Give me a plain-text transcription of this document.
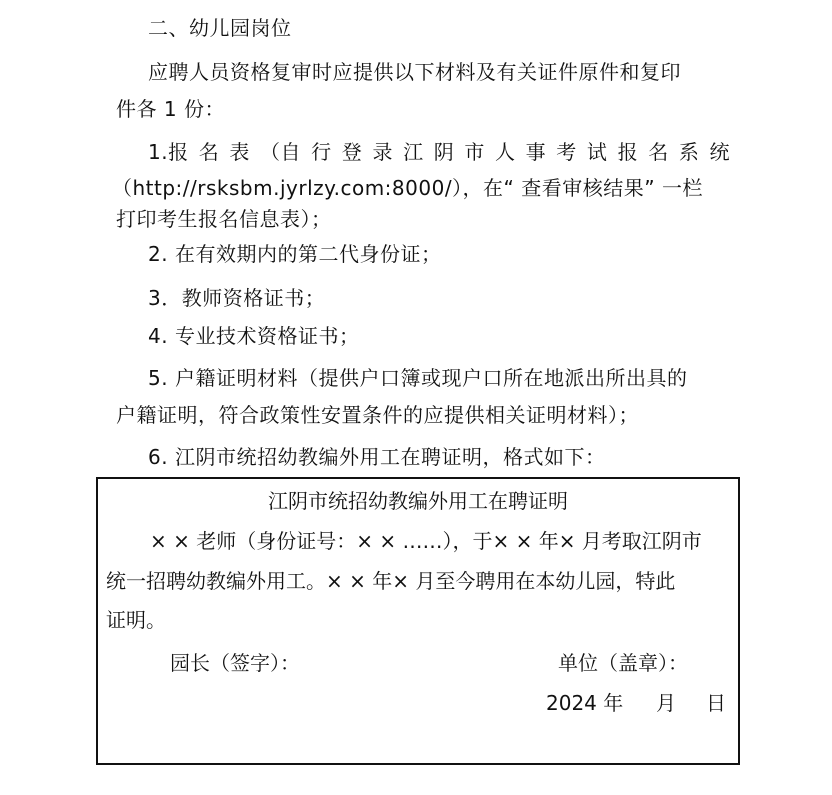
二、幼儿园岗位
应聘人员资格复审时应提供以下材料及有关证件原件和复印
件各 1 份：
1.报 名 表 （自 行 登 录 江 阴 市 人 事 考 试 报 名 系 统
（http://rsksbm.jyrlzy.com:8000/），在“ 查看审核结果” 一栏
打印考生报名信息表）；
2. 在有效期内的第二代身份证；
3．教师资格证书；
4. 专业技术资格证书；
5. 户籍证明材料（提供户口簿或现户口所在地派出所出具的
户籍证明，符合政策性安置条件的应提供相关证明材料）；
6. 江阴市统招幼教编外用工在聘证明，格式如下：
江阴市统招幼教编外用工在聘证明
× × 老师（身份证号：× × ……），于× × 年× 月考取江阴市
统一招聘幼教编外用工。× × 年× 月至今聘用在本幼儿园，特此
证明。
园长（签字）：	单位（盖章）：
2024 年	月	日
